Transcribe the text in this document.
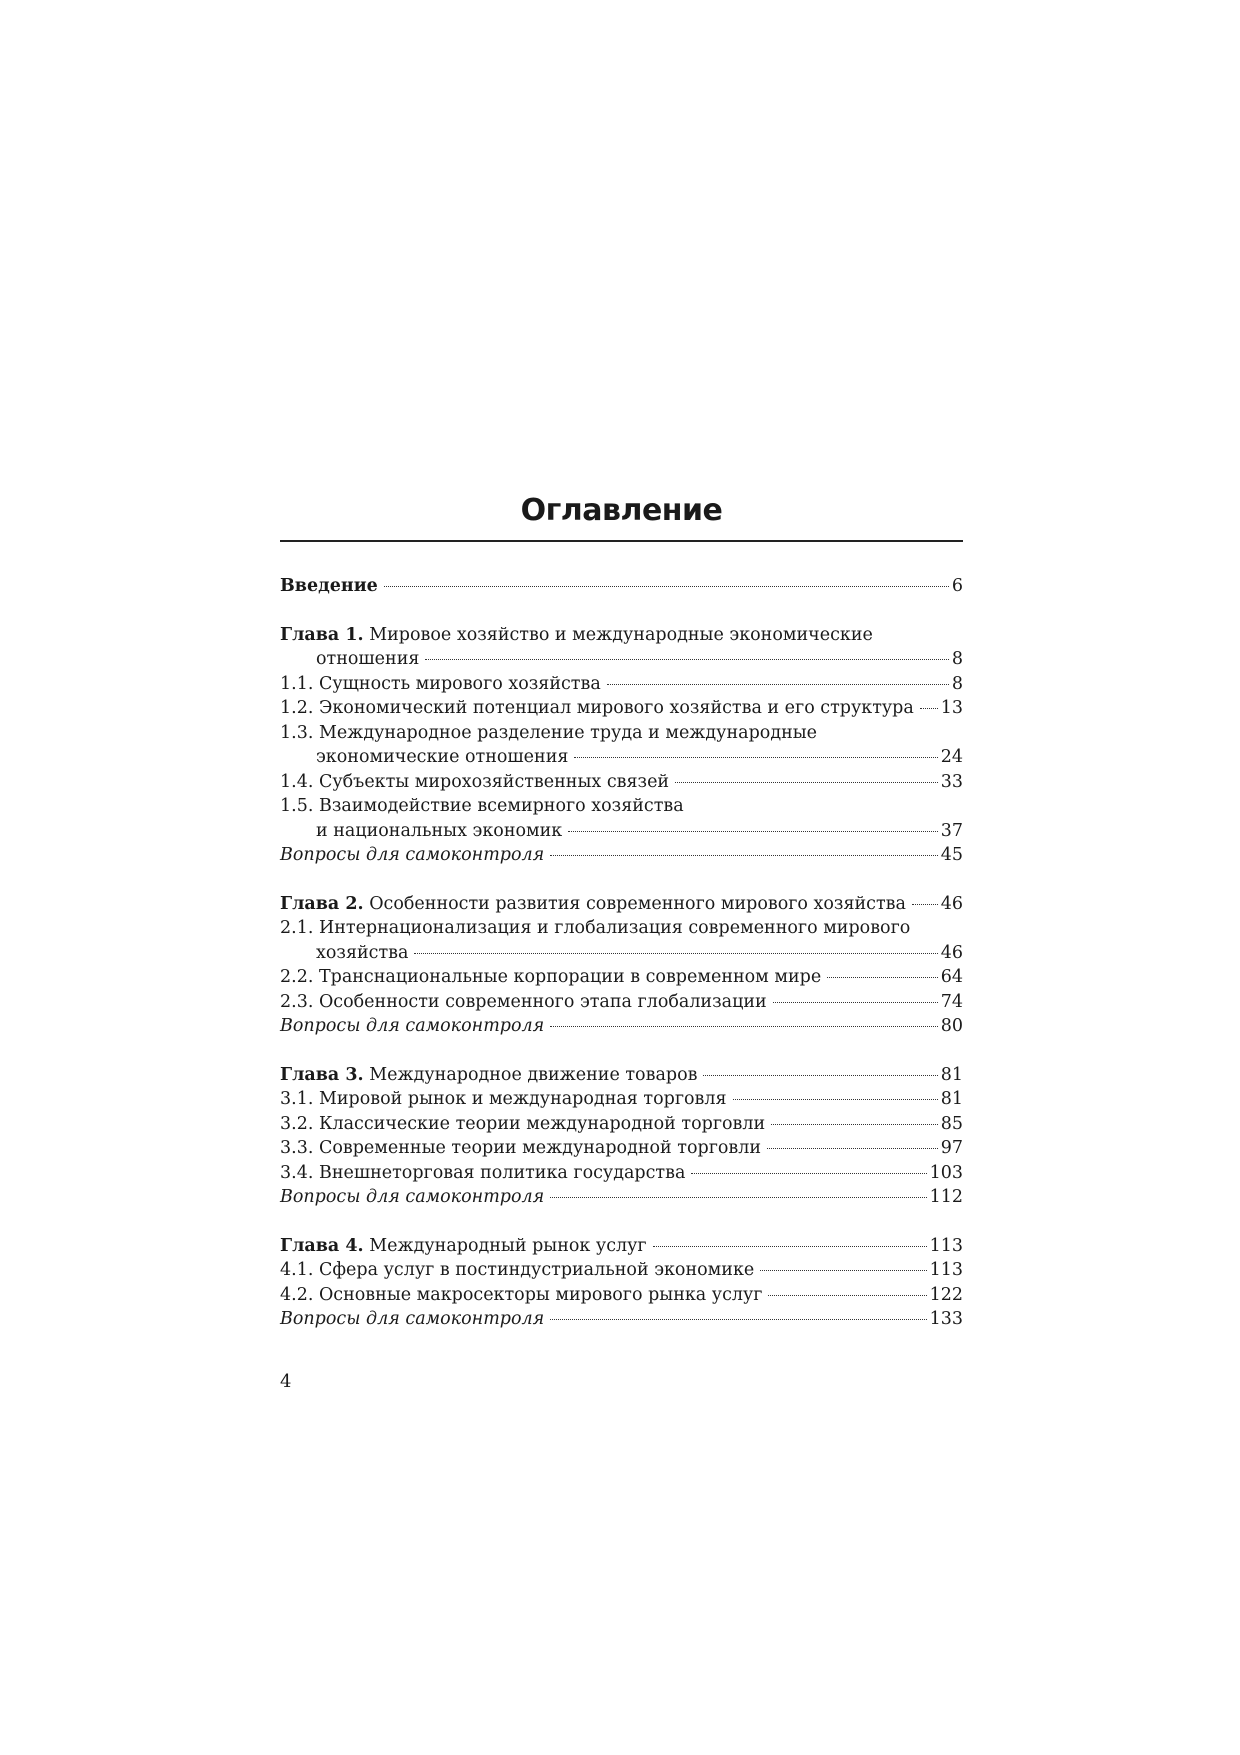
Оглавление
Введение	6
Глава 1. Мировое хозяйство и международные экономические
отношения	8
1.1. Сущность мирового хозяйства	8
1.2. Экономический потенциал мирового хозяйства и его структура 13
1.3. Международное разделение труда и международные
экономические отношения	24
1.4. Субъекты мирохозяйственных связей	33
1.5. Взаимодействие всемирного хозяйства
и национальных экономик	37
Вопросы для самоконтроля	45
Глава 2. Особенности развития современного мирового хозяйства 46
2.1. Интернационализация и глобализация современного мирового
хозяйства	46
2.2. Транснациональные корпорации в современном мире	64
2.3. Особенности современного этапа глобализации	74
Вопросы для самоконтроля	80
Глава 3. Международное движение товаров	81
3.1. Мировой рынок и международная торговля	81
3.2. Классические теории международной торговли	85
3.3. Современные теории международной торговли	97
3.4. Внешнеторговая политика государства	103
Вопросы для самоконтроля	112
Глава 4. Международный рынок услуг	113
4.1. Сфера услуг в постиндустриальной экономике	113
4.2. Основные макросекторы мирового рынка услуг	122
Вопросы для самоконтроля	133
4
